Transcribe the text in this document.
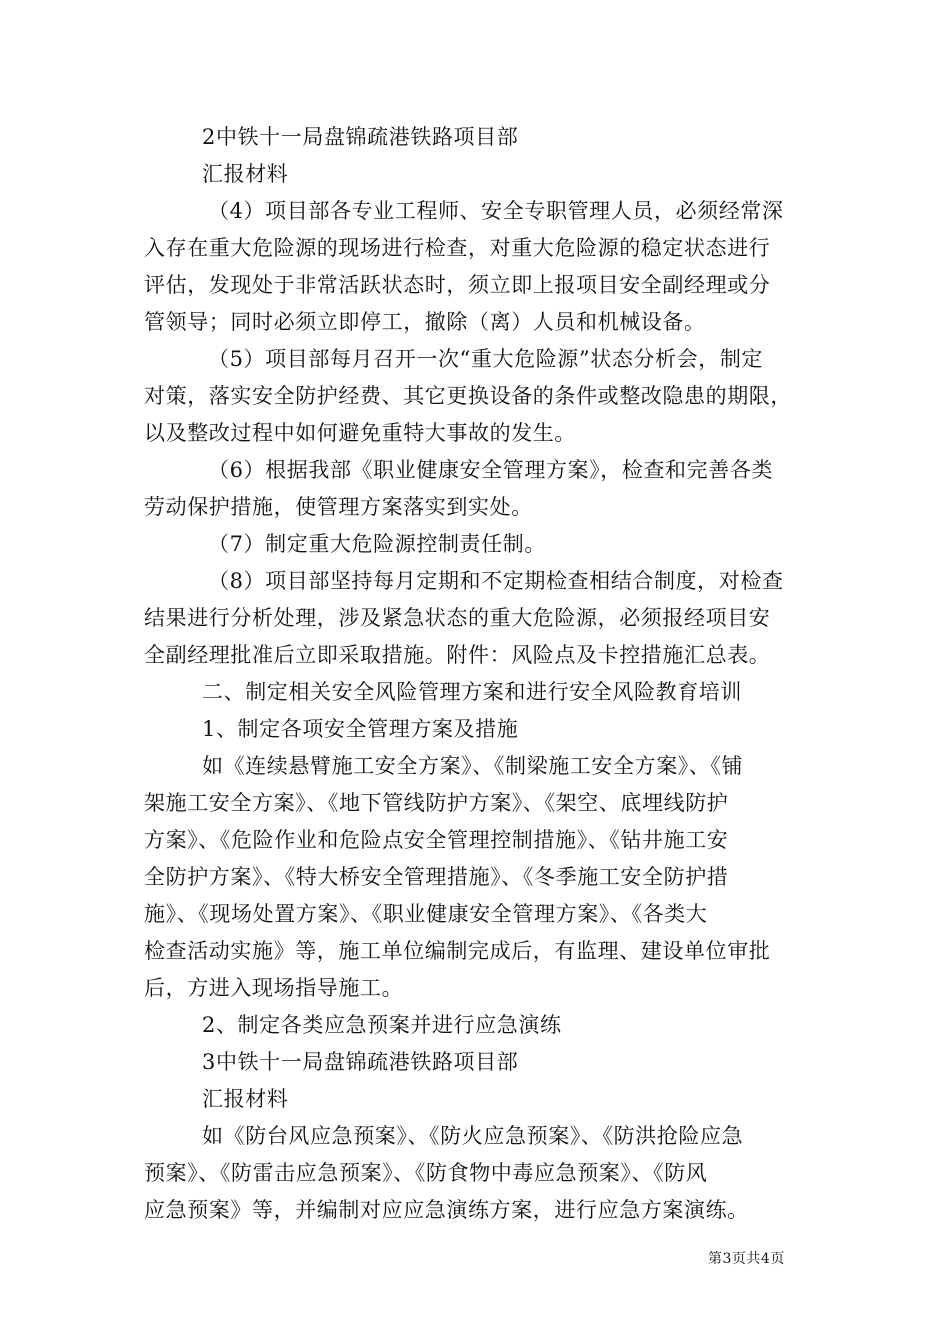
2中铁十一局盘锦疏港铁路项目部
汇报材料
（4）项目部各专业工程师、安全专职管理人员，必须经常深
入存在重大危险源的现场进行检查，对重大危险源的稳定状态进行
评估，发现处于非常活跃状态时，须立即上报项目安全副经理或分
管领导；同时必须立即停工，撤除（离）人员和机械设备。
（5）项目部每月召开一次“重大危险源”状态分析会，制定
对策，落实安全防护经费、其它更换设备的条件或整改隐患的期限，
以及整改过程中如何避免重特大事故的发生。
（6）根据我部《职业健康安全管理方案》，检查和完善各类
劳动保护措施，使管理方案落实到实处。
（7）制定重大危险源控制责任制。
（8）项目部坚持每月定期和不定期检查相结合制度，对检查
结果进行分析处理，涉及紧急状态的重大危险源，必须报经项目安
全副经理批准后立即采取措施。附件：风险点及卡控措施汇总表。
二、制定相关安全风险管理方案和进行安全风险教育培训
1、制定各项安全管理方案及措施
如《连续悬臂施工安全方案》、《制梁施工安全方案》、《铺
架施工安全方案》、《地下管线防护方案》、《架空、底埋线防护
方案》、《危险作业和危险点安全管理控制措施》、《钻井施工安
全防护方案》、《特大桥安全管理措施》、《冬季施工安全防护措
施》、《现场处置方案》、《职业健康安全管理方案》、《各类大
检查活动实施》等，施工单位编制完成后，有监理、建设单位审批
后，方进入现场指导施工。
2、制定各类应急预案并进行应急演练
3中铁十一局盘锦疏港铁路项目部
汇报材料
如《防台风应急预案》、《防火应急预案》、《防洪抢险应急
预案》、《防雷击应急预案》、《防食物中毒应急预案》、《防风
应急预案》等，并编制对应应急演练方案，进行应急方案演练。
第3页共4页
